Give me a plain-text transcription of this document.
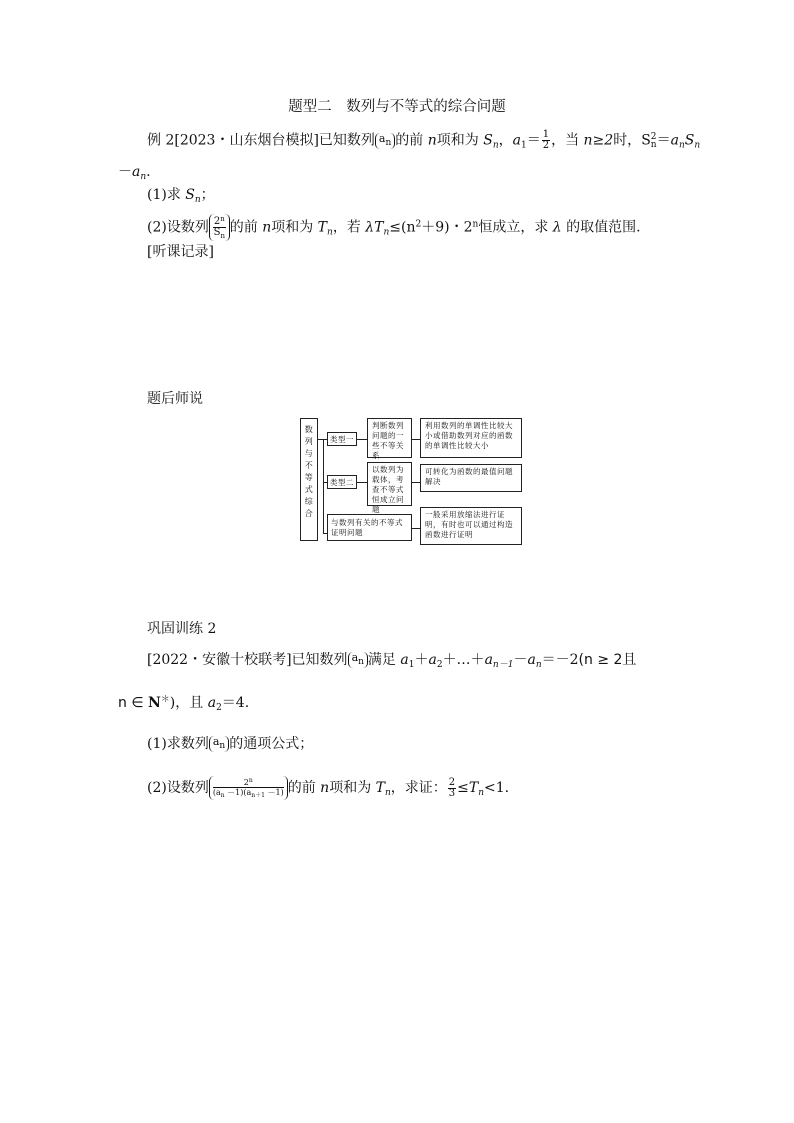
题型二　数列与不等式的综合问题
例 2[2023・山东烟台模拟]已知数列 $a_n$ 的前 n项和为 $S_n$，$a_1= \frac{1}{2}$ ，当 n≥2时，S 2
$n =a_nS_n$
$-a_n$.
(1)求 $S_n$；
(2)设数列 $\frac{2^n}{S_n}$ 的前 n项和为 $T_n$，若 $\lambda T_n\le(n^2+9)$・2$^n$恒成立，求 λ 的取值范围.
[听课记录]
题后师说
数列与不等式综合
类型一
类型二
与数列有关的不等式证明问题
判断数列问题的一些不等关系
以数列为载体，考查不等式恒成立问题
利用数列的单调性比较大小或借助数列对应的函数的单调性比较大小
可转化为函数的最值问题解决
一般采用放缩法进行证明，有时也可以通过构造函数进行证明
巩固训练 2
[2022・安徽十校联考]已知数列 $a_n$ 满足 $a_1+a_2+\dots+a_{n-1}-a_n=-2(n \ge 2$且
n ∈ N＊)，且 $a_2=4$.
(1)求数列 $a_n$ 的通项公式；
(2)设数列 $\frac{2^n}{(a_n -1)(a_{n+1} -1)}$ 的前 n项和为 $T_n$，求证： $\frac{2}{3} \le T_n<1$.
